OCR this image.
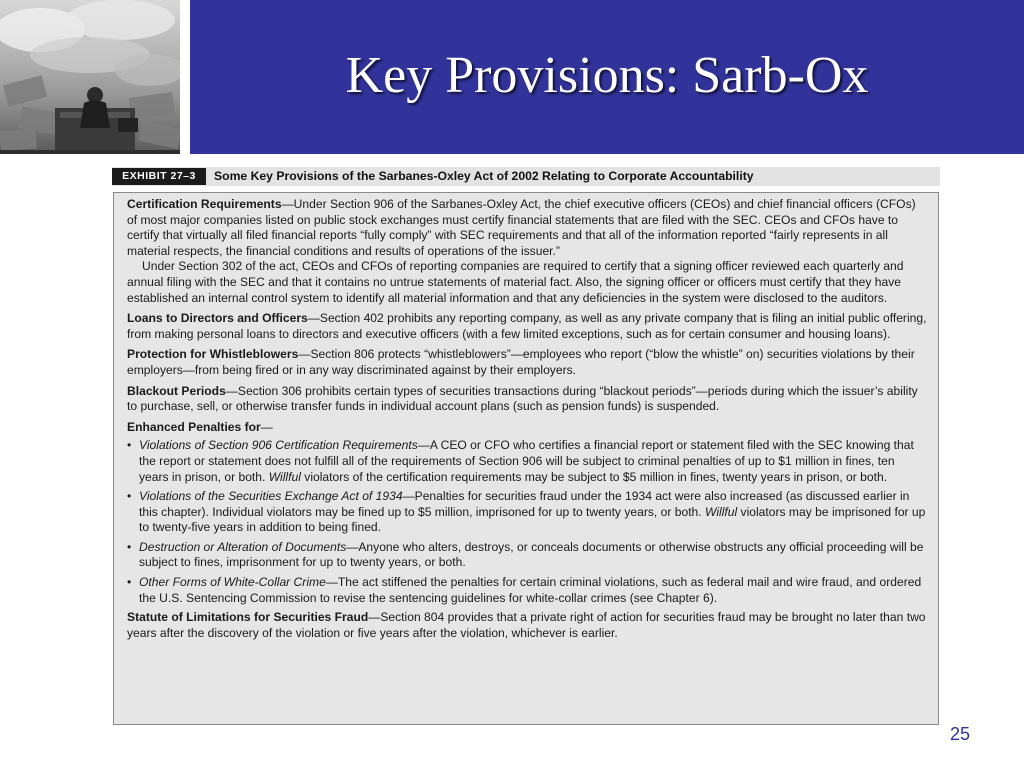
Key Provisions: Sarb-Ox
EXHIBIT 27–3	Some Key Provisions of the Sarbanes-Oxley Act of 2002 Relating to Corporate Accountability
Certification Requirements—Under Section 906 of the Sarbanes-Oxley Act, the chief executive officers (CEOs) and chief financial officers (CFOs) of most major companies listed on public stock exchanges must certify financial statements that are filed with the SEC. CEOs and CFOs have to certify that virtually all filed financial reports “fully comply” with SEC requirements and that all of the information reported “fairly represents in all material respects, the financial conditions and results of operations of the issuer.”
Under Section 302 of the act, CEOs and CFOs of reporting companies are required to certify that a signing officer reviewed each quarterly and annual filing with the SEC and that it contains no untrue statements of material fact. Also, the signing officer or officers must certify that they have established an internal control system to identify all material information and that any deficiencies in the system were disclosed to the auditors.
Loans to Directors and Officers—Section 402 prohibits any reporting company, as well as any private company that is filing an initial public offering, from making personal loans to directors and executive officers (with a few limited exceptions, such as for certain consumer and housing loans).
Protection for Whistleblowers—Section 806 protects “whistleblowers”—employees who report (“blow the whistle” on) securities violations by their employers—from being fired or in any way discriminated against by their employers.
Blackout Periods—Section 306 prohibits certain types of securities transactions during “blackout periods”—periods during which the issuer’s ability to purchase, sell, or otherwise transfer funds in individual account plans (such as pension funds) is suspended.
Enhanced Penalties for—
• Violations of Section 906 Certification Requirements—A CEO or CFO who certifies a financial report or statement filed with the SEC knowing that the report or statement does not fulfill all of the requirements of Section 906 will be subject to criminal penalties of up to $1 million in fines, ten years in prison, or both. Willful violators of the certification requirements may be subject to $5 million in fines, twenty years in prison, or both.
• Violations of the Securities Exchange Act of 1934—Penalties for securities fraud under the 1934 act were also increased (as discussed earlier in this chapter). Individual violators may be fined up to $5 million, imprisoned for up to twenty years, or both. Willful violators may be imprisoned for up to twenty-five years in addition to being fined.
• Destruction or Alteration of Documents—Anyone who alters, destroys, or conceals documents or otherwise obstructs any official proceeding will be subject to fines, imprisonment for up to twenty years, or both.
• Other Forms of White-Collar Crime—The act stiffened the penalties for certain criminal violations, such as federal mail and wire fraud, and ordered the U.S. Sentencing Commission to revise the sentencing guidelines for white-collar crimes (see Chapter 6).
Statute of Limitations for Securities Fraud—Section 804 provides that a private right of action for securities fraud may be brought no later than two years after the discovery of the violation or five years after the violation, whichever is earlier.
25
